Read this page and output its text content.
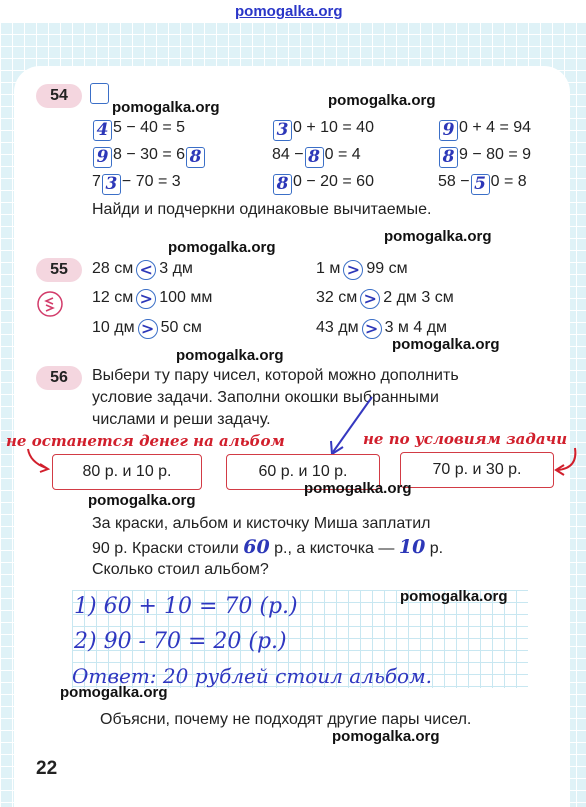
pomogalka.org
54
pomogalka.org	pomogalka.org
4 5 − 40 = 5	3 0 + 10 = 40	9 0 + 4 = 94
9 8 − 30 = 6 8	84 − 8 0 = 4	8 9 − 80 = 9
7 3 − 70 = 3	8 0 − 20 = 60	58 − 5 0 = 8
Найди и подчеркни одинаковые вычитаемые.
pomogalka.org
pomogalka.org
55	28 см < 3 дм	1 м > 99 см
12 см > 100 мм	32 см > 2 дм 3 см
10 дм > 50 см	43 дм > 3 м 4 дм
pomogalka.org
pomogalka.org
56	Выбери ту пару чисел, которой можно дополнить
условие задачи. Заполни окошки выбранными
числами и реши задачу.
не останется денег на альбом	не по условиям задачи
80 р. и 10 р.	60 р. и 10 р.	70 р. и 30 р.
pomogalka.org
pomogalka.org
За краски, альбом и кисточку Миша заплатил
90 р. Краски стоили 60 р., а кисточка — 10 р.
Сколько стоил альбом?
1) 60 + 10 = 70 (р.)
2) 90 - 70 = 20 (р.)
Ответ: 20 рублей стоил альбом.
pomogalka.org
pomogalka.org
Объясни, почему не подходят другие пары чисел.
pomogalka.org
22
